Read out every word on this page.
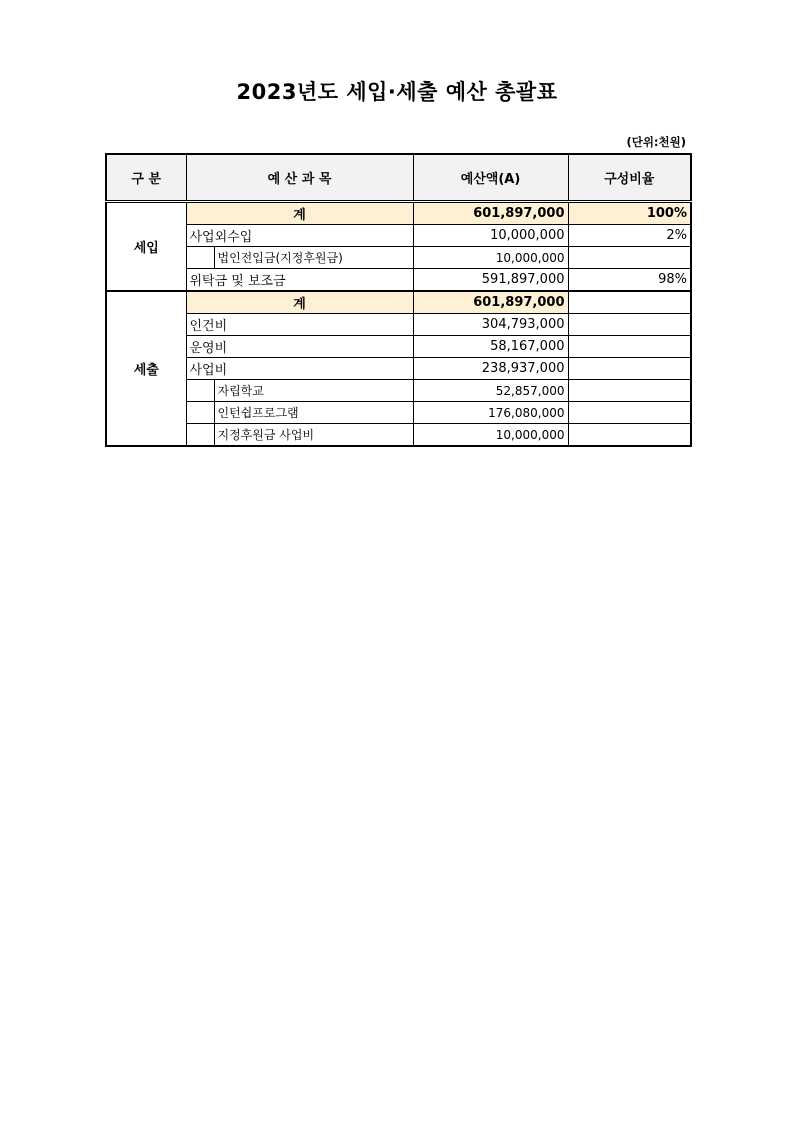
2023년도 세입·세출 예산 총괄표
(단위:천원)
구 분	예 산 과 목		예산액(A)	구성비율
세입	계		601,897,000	100%
	사업외수입		10,000,000	2%
		법인전입금(지정후원금)	10,000,000	
	위탁금 및 보조금		591,897,000	98%
세출	계		601,897,000	
	인건비		304,793,000	
	운영비		58,167,000	
	사업비		238,937,000	
		자립학교	52,857,000	
		인턴쉽프로그램	176,080,000	
		지정후원금 사업비	10,000,000	
